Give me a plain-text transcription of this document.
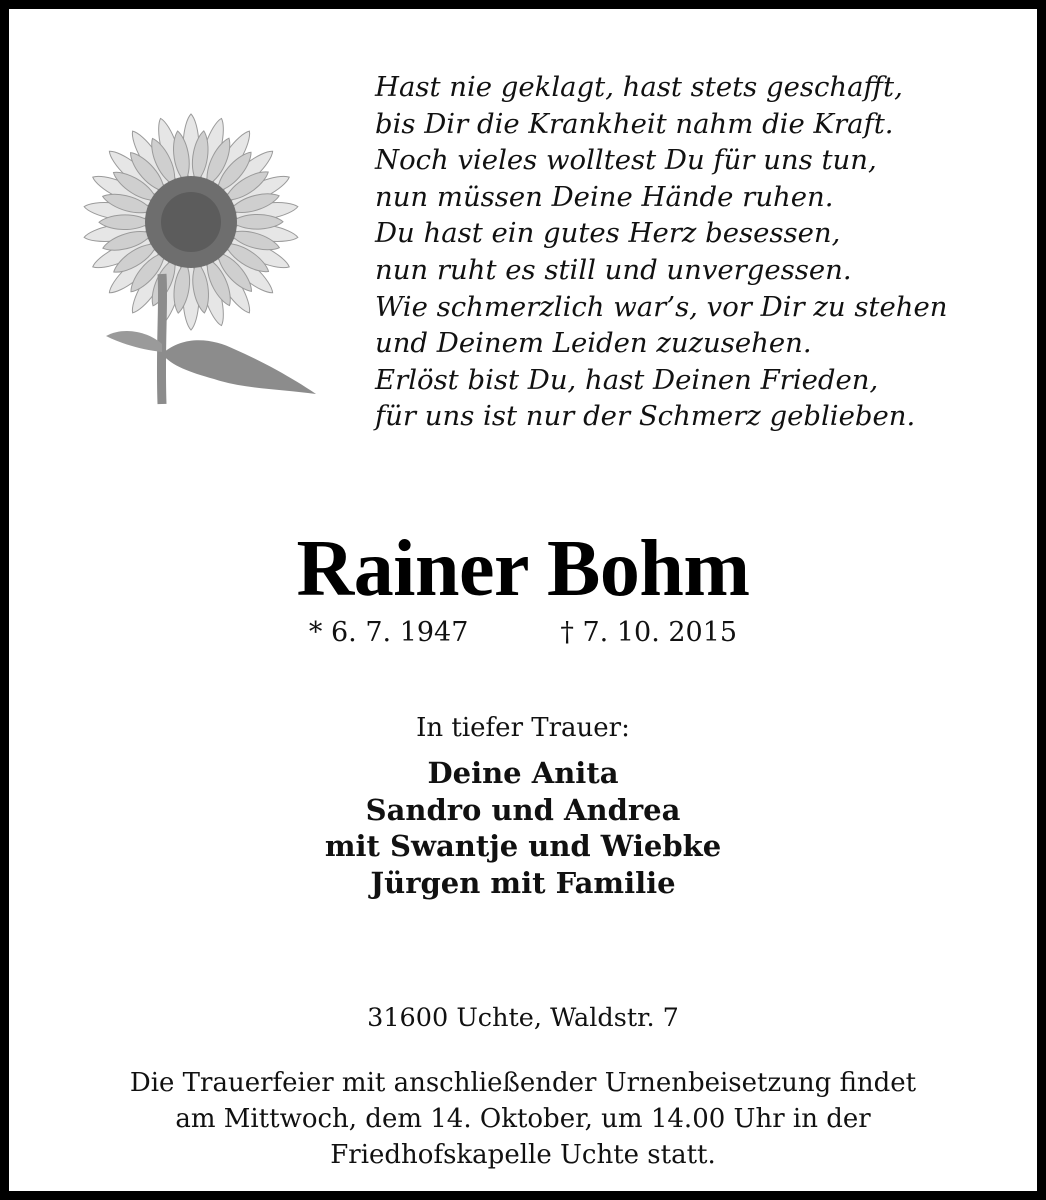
Hast nie geklagt, hast stets geschafft,
bis Dir die Krankheit nahm die Kraft.
Noch vieles wolltest Du für uns tun,
nun müssen Deine Hände ruhen.
Du hast ein gutes Herz besessen,
nun ruht es still und unvergessen.
Wie schmerzlich war’s, vor Dir zu stehen
und Deinem Leiden zuzusehen.
Erlöst bist Du, hast Deinen Frieden,
für uns ist nur der Schmerz geblieben.
Rainer Bohm
* 6. 7. 1947	† 7. 10. 2015
In tiefer Trauer:
Deine Anita
Sandro und Andrea
mit Swantje und Wiebke
Jürgen mit Familie
31600 Uchte, Waldstr. 7
Die Trauerfeier mit anschließender Urnenbeisetzung findet
am Mittwoch, dem 14. Oktober, um 14.00 Uhr in der
Friedhofskapelle Uchte statt.
